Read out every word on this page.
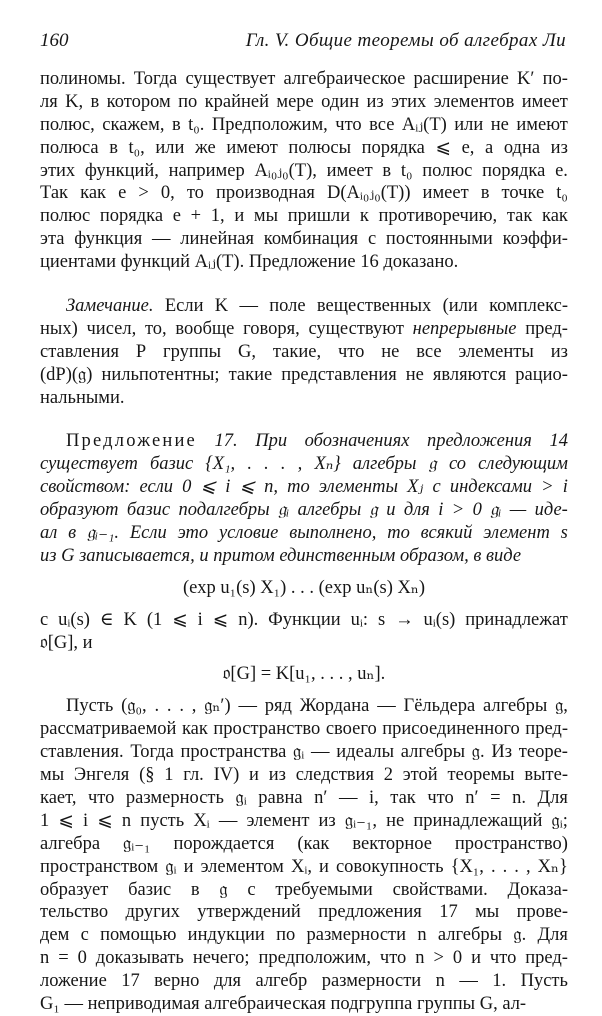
160	Гл. V. Общие теоремы об алгебрах Ли
полиномы. Тогда существует алгебраическое расширение K′ по-
ля K, в котором по крайней мере один из этих элементов имеет
полюс, скажем, в t₀. Предположим, что все Aᵢⱼ(T) или не имеют
полюса в t₀, или же имеют полюсы порядка ⩽ e, а одна из
этих функций, например Aᵢ₀ⱼ₀(T), имеет в t₀ полюс порядка e.
Так как e > 0, то производная D(Aᵢ₀ⱼ₀(T)) имеет в точке t₀
полюс порядка e + 1, и мы пришли к противоречию, так как
эта функция — линейная комбинация с постоянными коэффи-
циентами
функций
Aᵢⱼ(T).
Предложение
16
доказано.
Замечание. Если K — поле вещественных (или комплекс-
ных) чисел, то, вообще говоря, существуют непрерывные пред-
ставления P группы G, такие, что не все элементы из
(dP)(𝔤) нильпотентны; такие представления не являются рацио-
нальными.
Предложение 17. При обозначениях предложения 14
существует базис {X₁, . . . , Xₙ} алгебры 𝔤 со следующим
свойством: если 0 ⩽ i ⩽ n, то элементы Xⱼ с индексами > i
образуют базис подалгебры 𝔤ᵢ алгебры 𝔤 и для i > 0 𝔤ᵢ — иде-
ал в 𝔤ᵢ₋₁. Если это условие выполнено, то всякий элемент s
из
G
записывается,
и
притом
единственным
образом,
в
виде
(exp u₁(s) X₁) . . . (exp uₙ(s) Xₙ)
с uᵢ(s) ∈ K (1 ⩽ i ⩽ n). Функции uᵢ: s → uᵢ(s) принадлежат
𝔬[G],
и
𝔬[G] = K[u₁, . . . , uₙ].
Пусть (𝔤₀, . . . , 𝔤ₙ′) — ряд Жордана — Гёльдера алгебры 𝔤,
рассматриваемой как пространство своего присоединенного пред-
ставления. Тогда пространства 𝔤ᵢ — идеалы алгебры 𝔤. Из теоре-
мы Энгеля (§ 1 гл. IV) и из следствия 2 этой теоремы выте-
кает, что размерность 𝔤ᵢ равна n′ — i, так что n′ = n. Для
1 ⩽ i ⩽ n пусть Xᵢ — элемент из 𝔤ᵢ₋₁, не принадлежащий 𝔤ᵢ;
алгебра 𝔤ᵢ₋₁ порождается (как векторное пространство)
пространством 𝔤ᵢ и элементом Xᵢ, и совокупность {X₁, . . . , Xₙ}
образует базис в 𝔤 с требуемыми свойствами. Доказа-
тельство других утверждений предложения 17 мы прове-
дем с помощью индукции по размерности n алгебры 𝔤. Для
n = 0 доказывать нечего; предположим, что n > 0 и что пред-
ложение 17 верно для алгебр размерности n — 1. Пусть
G₁
—
неприводимая
алгебраическая
подгруппа
группы
G,
ал-
